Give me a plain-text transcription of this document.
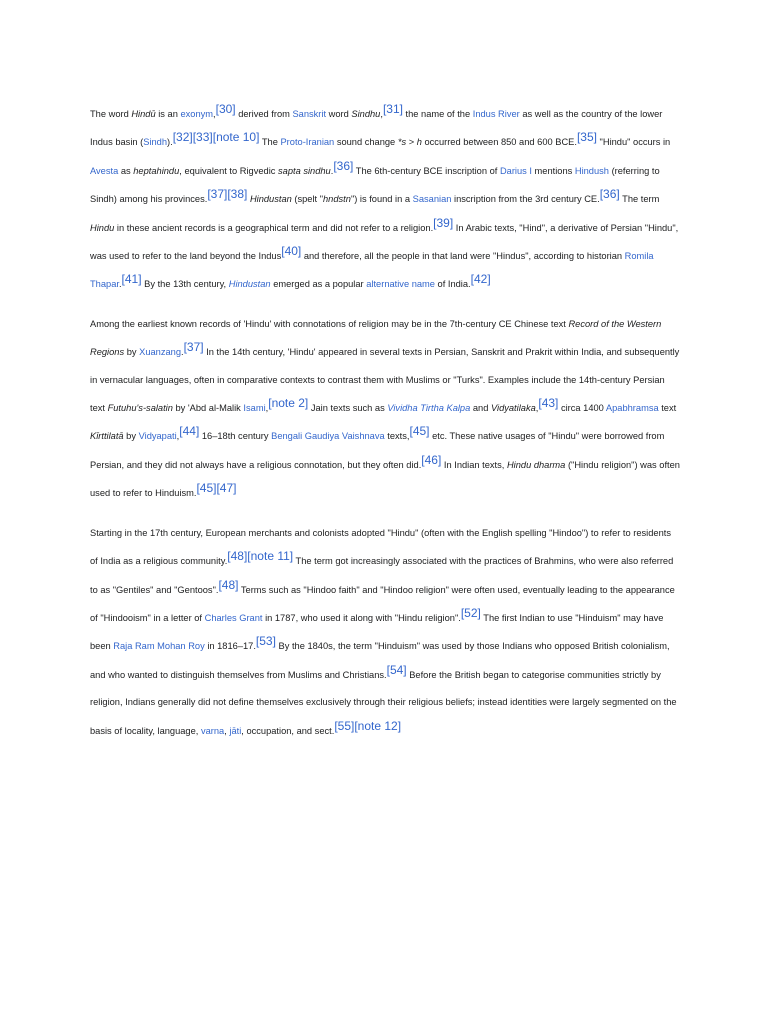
The word Hindū is an exonym,[30] derived from Sanskrit word Sindhu,[31] the name of the Indus River as well as the country of the lower Indus basin (Sindh).[32][33][note 10] The Proto-Iranian sound change *s > h occurred between 850 and 600 BCE.[35] "Hindu" occurs in Avesta as heptahindu, equivalent to Rigvedic sapta sindhu.[36] The 6th-century BCE inscription of Darius I mentions Hindush (referring to Sindh) among his provinces.[37][38] Hindustan (spelt "hndstn") is found in a Sasanian inscription from the 3rd century CE.[36] The term Hindu in these ancient records is a geographical term and did not refer to a religion.[39] In Arabic texts, "Hind", a derivative of Persian "Hindu", was used to refer to the land beyond the Indus[40] and therefore, all the people in that land were "Hindus", according to historian Romila Thapar.[41] By the 13th century, Hindustan emerged as a popular alternative name of India.[42]

Among the earliest known records of 'Hindu' with connotations of religion may be in the 7th-century CE Chinese text Record of the Western Regions by Xuanzang.[37] In the 14th century, 'Hindu' appeared in several texts in Persian, Sanskrit and Prakrit within India, and subsequently in vernacular languages, often in comparative contexts to contrast them with Muslims or "Turks". Examples include the 14th-century Persian text Futuhu's-salatin by 'Abd al-Malik Isami,[note 2] Jain texts such as Vividha Tirtha Kalpa and Vidyatilaka,[43] circa 1400 Apabhramsa text Kīrttilatā by Vidyapati,[44] 16–18th century Bengali Gaudiya Vaishnava texts,[45] etc. These native usages of "Hindu" were borrowed from Persian, and they did not always have a religious connotation, but they often did.[46] In Indian texts, Hindu dharma ("Hindu religion") was often used to refer to Hinduism.[45][47]

Starting in the 17th century, European merchants and colonists adopted "Hindu" (often with the English spelling "Hindoo") to refer to residents of India as a religious community.[48][note 11] The term got increasingly associated with the practices of Brahmins, who were also referred to as "Gentiles" and "Gentoos".[48] Terms such as "Hindoo faith" and "Hindoo religion" were often used, eventually leading to the appearance of "Hindooism" in a letter of Charles Grant in 1787, who used it along with "Hindu religion".[52] The first Indian to use "Hinduism" may have been Raja Ram Mohan Roy in 1816–17.[53] By the 1840s, the term "Hinduism" was used by those Indians who opposed British colonialism, and who wanted to distinguish themselves from Muslims and Christians.[54] Before the British began to categorise communities strictly by religion, Indians generally did not define themselves exclusively through their religious beliefs; instead identities were largely segmented on the basis of locality, language, varna, jāti, occupation, and sect.[55][note 12]
